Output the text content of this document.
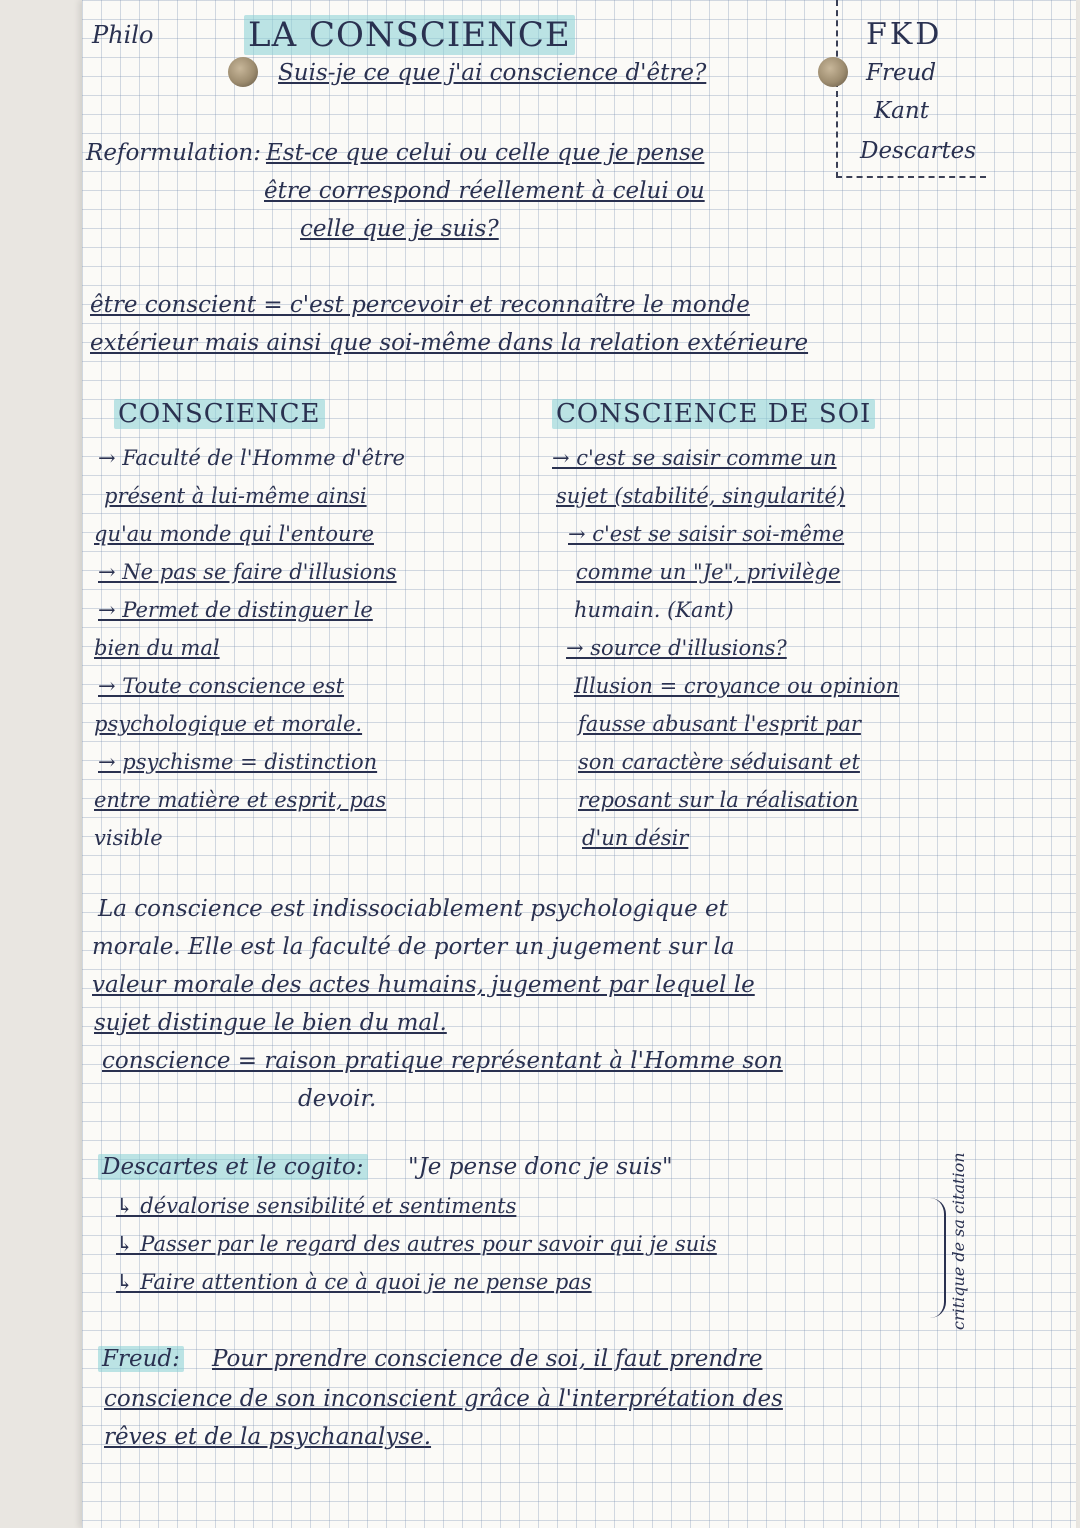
Philo	LA CONSCIENCE
Suis-je ce que j'ai conscience d'être?
FKD
Freud
Kant
Descartes
Reformulation: Est-ce que celui ou celle que je pense
être correspond réellement à celui ou
celle que je suis?
être conscient = c'est percevoir et reconnaître le monde
extérieur mais ainsi que soi-même dans la relation extérieure
CONSCIENCE
→ Faculté de l'Homme d'être
présent à lui-même ainsi
qu'au monde qui l'entoure
→ Ne pas se faire d'illusions
→ Permet de distinguer le
bien du mal
→ Toute conscience est
psychologique et morale.
→ psychisme = distinction
entre matière et esprit, pas
visible
CONSCIENCE DE SOI
→ c'est se saisir comme un
sujet (stabilité, singularité)
→ c'est se saisir soi-même
comme un "Je", privilège
humain. (Kant)
→ source d'illusions?
Illusion = croyance ou opinion
fausse abusant l'esprit par
son caractère séduisant et
reposant sur la réalisation
d'un désir
La conscience est indissociablement psychologique et
morale. Elle est la faculté de porter un jugement sur la
valeur morale des actes humains, jugement par lequel le
sujet distingue le bien du mal.
conscience = raison pratique représentant à l'Homme son
devoir.
Descartes et le cogito: "Je pense donc je suis"
↳ dévalorise sensibilité et sentiments
↳ Passer par le regard des autres pour savoir qui je suis
↳ Faire attention à ce à quoi je ne pense pas	critique de sa citation
Freud: Pour prendre conscience de soi, il faut prendre
conscience de son inconscient grâce à l'interprétation des
rêves et de la psychanalyse.
